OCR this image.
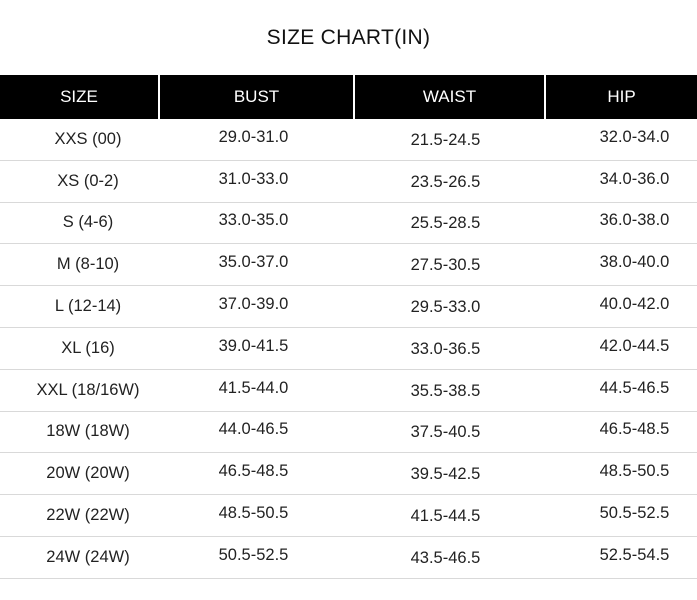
SIZE CHART(IN)
SIZE	BUST	WAIST	HIP
XXS (00)	29.0-31.0	21.5-24.5	32.0-34.0
XS (0-2)	31.0-33.0	23.5-26.5	34.0-36.0
S (4-6)	33.0-35.0	25.5-28.5	36.0-38.0
M (8-10)	35.0-37.0	27.5-30.5	38.0-40.0
L (12-14)	37.0-39.0	29.5-33.0	40.0-42.0
XL (16)	39.0-41.5	33.0-36.5	42.0-44.5
XXL (18/16W)	41.5-44.0	35.5-38.5	44.5-46.5
18W (18W)	44.0-46.5	37.5-40.5	46.5-48.5
20W (20W)	46.5-48.5	39.5-42.5	48.5-50.5
22W (22W)	48.5-50.5	41.5-44.5	50.5-52.5
24W (24W)	50.5-52.5	43.5-46.5	52.5-54.5
